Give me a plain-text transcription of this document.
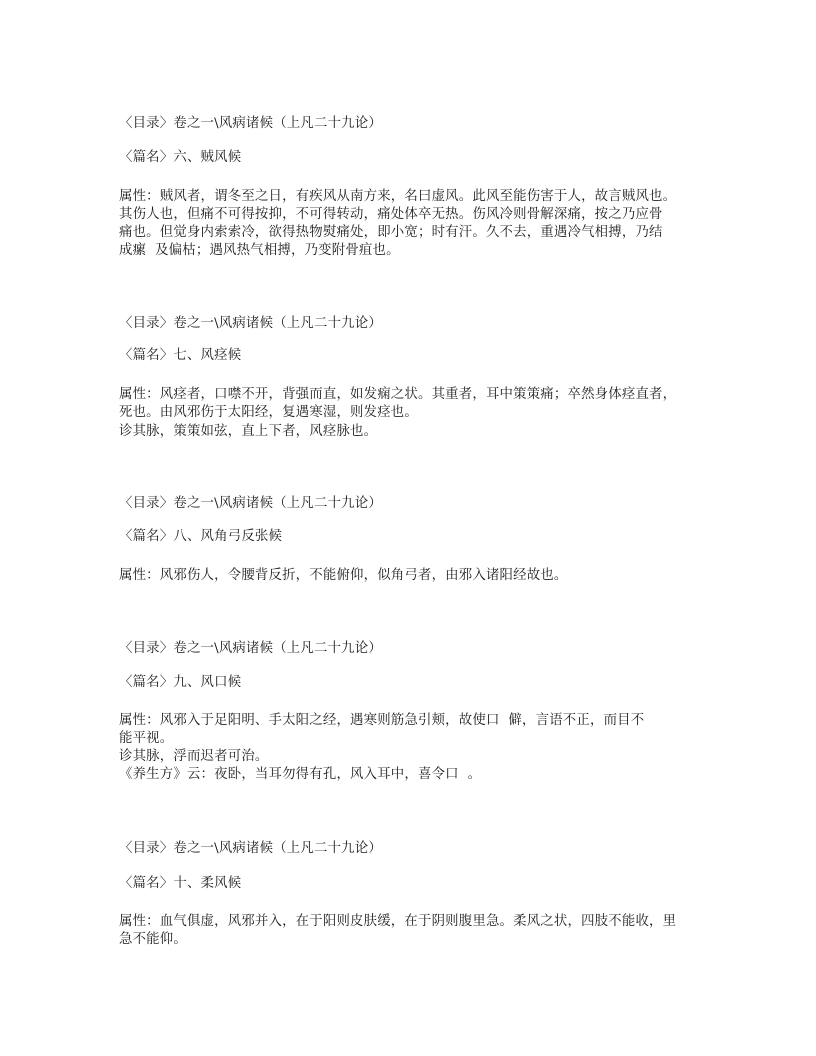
〈目录〉卷之一\风病诸候（上凡二十九论）
〈篇名〉六、贼风候
属性：贼风者，谓冬至之日，有疾风从南方来，名曰虚风。此风至能伤害于人，故言贼风也。
其伤人也，但痛不可得按抑，不可得转动，痛处体卒无热。伤风冷则骨解深痛，按之乃应骨
痛也。但觉身内索索冷，欲得热物熨痛处，即小宽；时有汗。久不去，重遇冷气相搏，乃结
成瘰  及偏枯；遇风热气相搏，乃变附骨疽也。
〈目录〉卷之一\风病诸候（上凡二十九论）
〈篇名〉七、风痉候
属性：风痉者，口噤不开，背强而直，如发痫之状。其重者，耳中策策痛；卒然身体痉直者，
死也。由风邪伤于太阳经，复遇寒湿，则发痉也。
诊其脉，策策如弦，直上下者，风痉脉也。
〈目录〉卷之一\风病诸候（上凡二十九论）
〈篇名〉八、风角弓反张候
属性：风邪伤人，令腰背反折，不能俯仰，似角弓者，由邪入诸阳经故也。
〈目录〉卷之一\风病诸候（上凡二十九论）
〈篇名〉九、风口候
属性：风邪入于足阳明、手太阳之经，遇寒则筋急引颊，故使口  僻，言语不正，而目不
能平视。
诊其脉，浮而迟者可治。
《养生方》云：夜卧，当耳勿得有孔，风入耳中，喜令口  。
〈目录〉卷之一\风病诸候（上凡二十九论）
〈篇名〉十、柔风候
属性：血气俱虚，风邪并入，在于阳则皮肤缓，在于阴则腹里急。柔风之状，四肢不能收，里
急不能仰。
